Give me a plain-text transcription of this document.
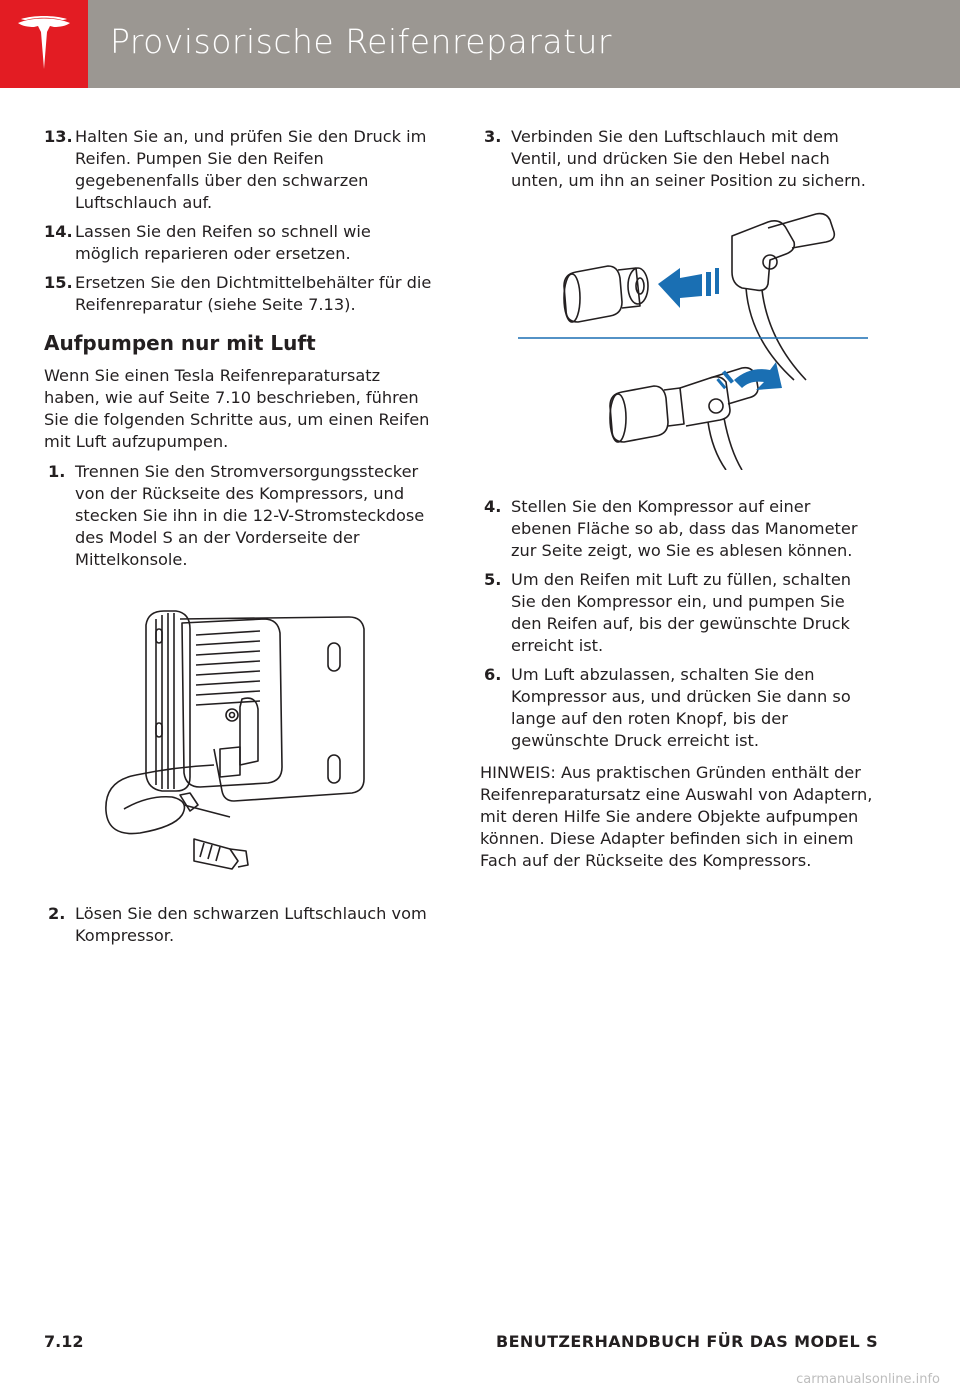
Provisorische Reifenreparatur
13. Halten Sie an, und prüfen Sie den Druck im Reifen. Pumpen Sie den Reifen gegebenenfalls über den schwarzen Luftschlauch auf.
14. Lassen Sie den Reifen so schnell wie möglich reparieren oder ersetzen.
15. Ersetzen Sie den Dichtmittelbehälter für die Reifenreparatur (siehe Seite 7.13).
Aufpumpen nur mit Luft
Wenn Sie einen Tesla Reifenreparatursatz haben, wie auf Seite 7.10 beschrieben, führen Sie die folgenden Schritte aus, um einen Reifen mit Luft aufzupumpen.
1. Trennen Sie den Stromversorgungsstecker von der Rückseite des Kompressors, und stecken Sie ihn in die 12-V-Stromsteckdose des Model S an der Vorderseite der Mittelkonsole.
2. Lösen Sie den schwarzen Luftschlauch vom Kompressor.
3. Verbinden Sie den Luftschlauch mit dem Ventil, und drücken Sie den Hebel nach unten, um ihn an seiner Position zu sichern.
4. Stellen Sie den Kompressor auf einer ebenen Fläche so ab, dass das Manometer zur Seite zeigt, wo Sie es ablesen können.
5. Um den Reifen mit Luft zu füllen, schalten Sie den Kompressor ein, und pumpen Sie den Reifen auf, bis der gewünschte Druck erreicht ist.
6. Um Luft abzulassen, schalten Sie den Kompressor aus, und drücken Sie dann so lange auf den roten Knopf, bis der gewünschte Druck erreicht ist.
HINWEIS: Aus praktischen Gründen enthält der Reifenreparatursatz eine Auswahl von Adaptern, mit deren Hilfe Sie andere Objekte aufpumpen können. Diese Adapter befinden sich in einem Fach auf der Rückseite des Kompressors.
7.12	BENUTZERHANDBUCH FÜR DAS MODEL S
carmanualsonline.info
